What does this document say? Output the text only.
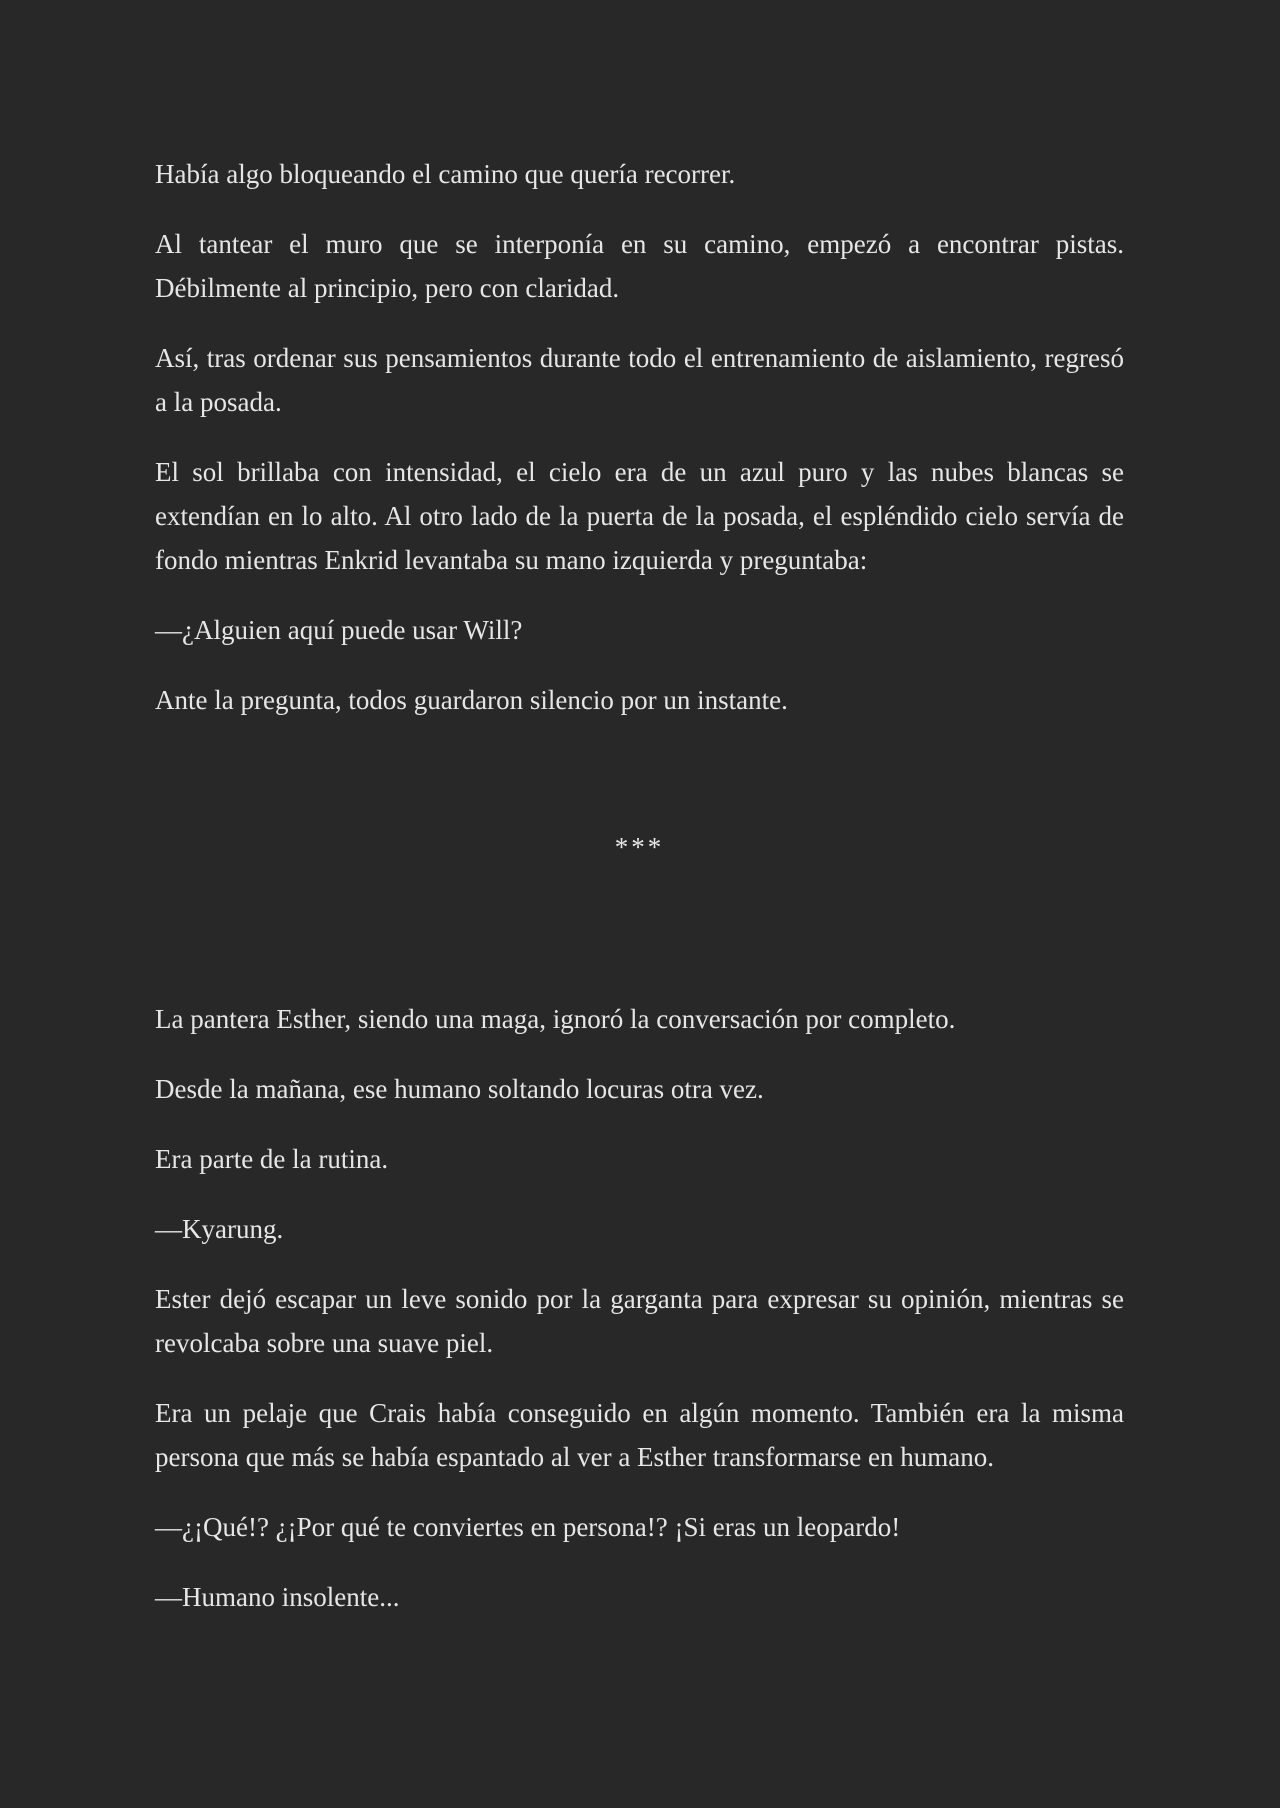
Había algo bloqueando el camino que quería recorrer.

Al tantear el muro que se interponía en su camino, empezó a encontrar pistas. Débilmente al principio, pero con claridad.

Así, tras ordenar sus pensamientos durante todo el entrenamiento de aislamiento, regresó a la posada.

El sol brillaba con intensidad, el cielo era de un azul puro y las nubes blancas se extendían en lo alto. Al otro lado de la puerta de la posada, el espléndido cielo servía de fondo mientras Enkrid levantaba su mano izquierda y preguntaba:

—¿Alguien aquí puede usar Will?

Ante la pregunta, todos guardaron silencio por un instante.

***

La pantera Esther, siendo una maga, ignoró la conversación por completo.

Desde la mañana, ese humano soltando locuras otra vez.

Era parte de la rutina.

—Kyarung.

Ester dejó escapar un leve sonido por la garganta para expresar su opinión, mientras se revolcaba sobre una suave piel.

Era un pelaje que Crais había conseguido en algún momento. También era la misma persona que más se había espantado al ver a Esther transformarse en humano.

—¿¡Qué!? ¿¡Por qué te conviertes en persona!? ¡Si eras un leopardo!

—Humano insolente...
